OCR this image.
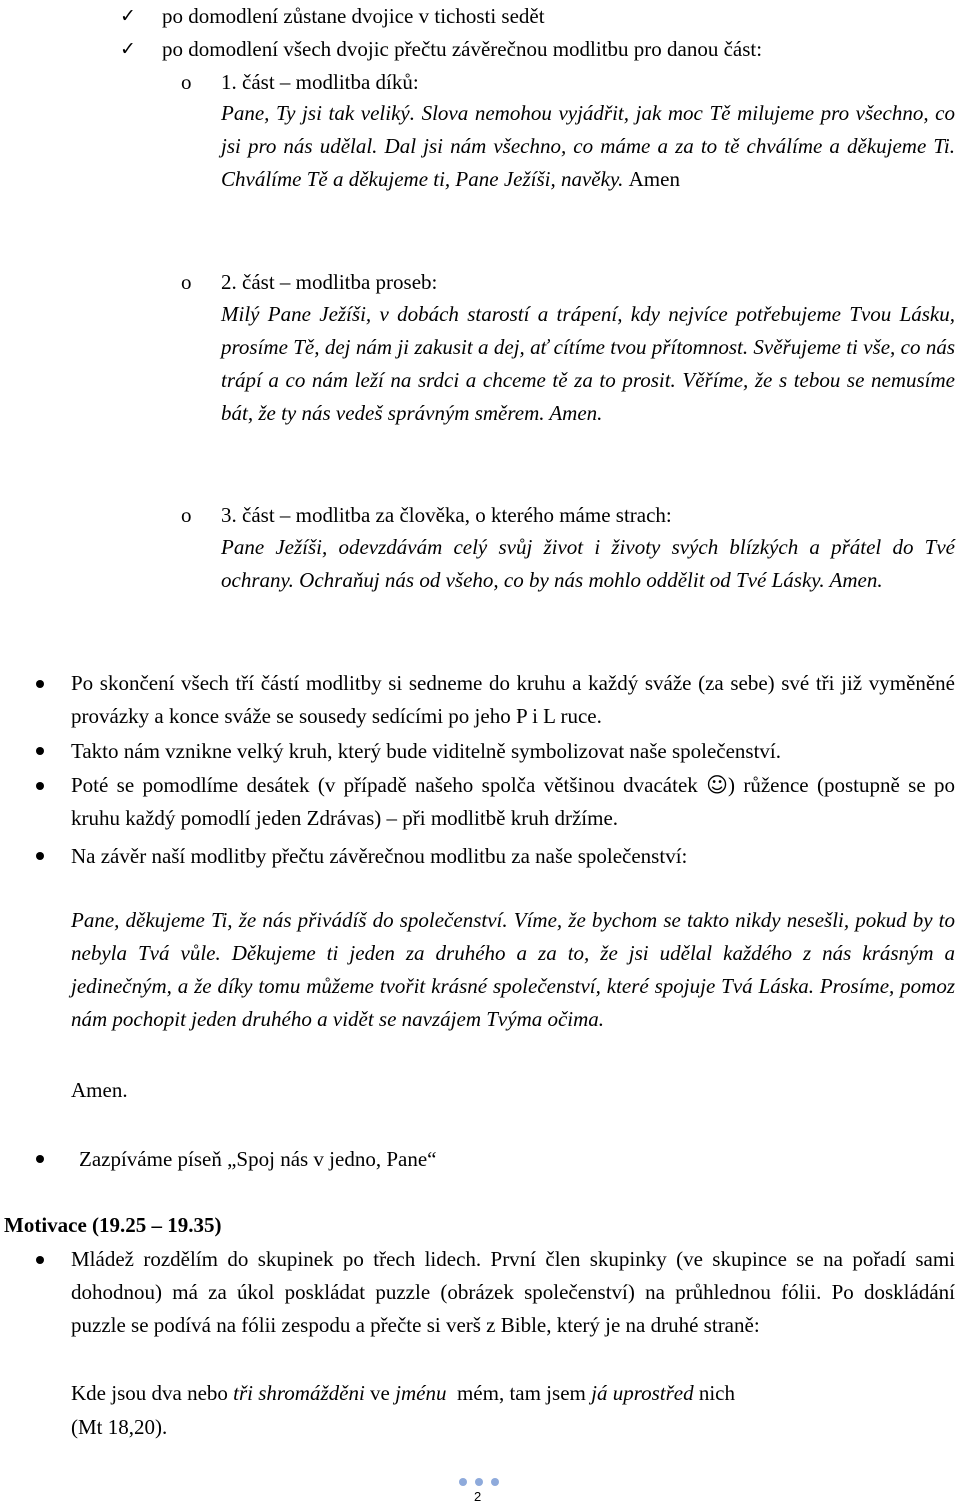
✓ po domodlení zůstane dvojice v tichosti sedět
✓ po domodlení všech dvojic přečtu závěrečnou modlitbu pro danou část:
o 1. část – modlitba díků:
Pane, Ty jsi tak veliký. Slova nemohou vyjádřit, jak moc Tě milujeme pro všechno, co jsi pro nás udělal. Dal jsi nám všechno, co máme a za to tě chválíme a děkujeme Ti. Chválíme Tě a děkujeme ti, Pane Ježíši, navěky. Amen
o 2. část – modlitba proseb:
Milý Pane Ježíši, v dobách starostí a trápení, kdy nejvíce potřebujeme Tvou Lásku, prosíme Tě, dej nám ji zakusit a dej, ať cítíme tvou přítomnost. Svěřujeme ti vše, co nás trápí a co nám leží na srdci a chceme tě za to prosit. Věříme, že s tebou se nemusíme bát, že ty nás vedeš správným směrem. Amen.
o 3. část – modlitba za člověka, o kterého máme strach:
Pane Ježíši, odevzdávám celý svůj život i životy svých blízkých a přátel do Tvé ochrany. Ochraňuj nás od všeho, co by nás mohlo oddělit od Tvé Lásky. Amen.
Po skončení všech tří částí modlitby si sedneme do kruhu a každý sváže (za sebe) své tři již vyměněné provázky a konce sváže se sousedy sedícími po jeho P i L ruce.
Takto nám vznikne velký kruh, který bude viditelně symbolizovat naše společenství.
Poté se pomodlíme desátek (v případě našeho spolča většinou dvacátek ☺) růžence (postupně se po kruhu každý pomodlí jeden Zdrávas) – při modlitbě kruh držíme.
Na závěr naší modlitby přečtu závěrečnou modlitbu za naše společenství:
Pane, děkujeme Ti, že nás přivádíš do společenství. Víme, že bychom se takto nikdy nesešli, pokud by to nebyla Tvá vůle. Děkujeme ti jeden za druhého a za to, že jsi udělal každého z nás krásným a jedinečným, a že díky tomu můžeme tvořit krásné společenství, které spojuje Tvá Láska. Prosíme, pomoz nám pochopit jeden druhého a vidět se navzájem Tvýma očima.
Amen.
Zazpíváme píseň „Spoj nás v jedno, Pane“
Motivace (19.25 – 19.35)
Mládež rozdělím do skupinek po třech lidech. První člen skupinky (ve skupince se na pořadí sami dohodnou) má za úkol poskládat puzzle (obrázek společenství) na průhlednou fólii. Po doskládání puzzle se podívá na fólii zespodu a přečte si verš z Bible, který je na druhé straně:
Kde jsou dva nebo tři shromážděni ve jménu  mém, tam jsem já uprostřed nich
(Mt 18,20).
2
